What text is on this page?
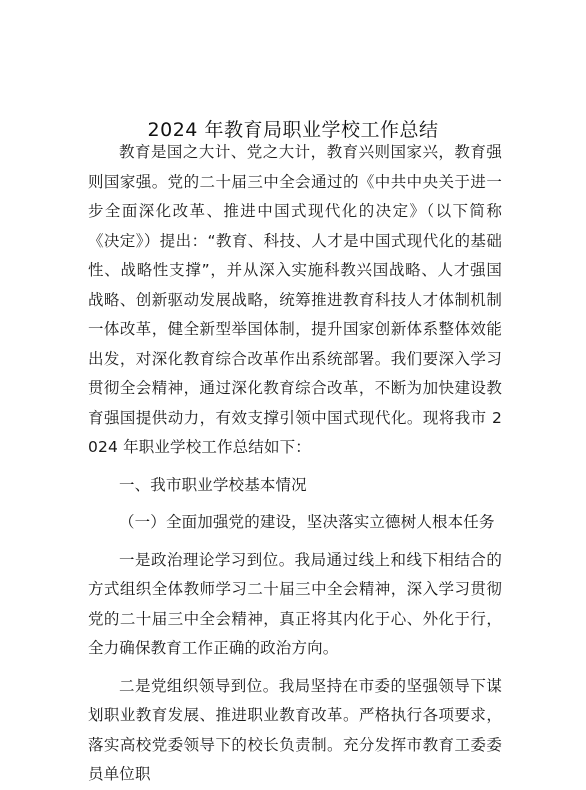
2024 年教育局职业学校工作总结

教育是国之大计、党之大计，教育兴则国家兴，教育强则国家强。党的二十届三中全会通过的《中共中央关于进一步全面深化改革、推进中国式现代化的决定》（以下简称《决定》）提出：“教育、科技、人才是中国式现代化的基础性、战略性支撑”，并从深入实施科教兴国战略、人才强国战略、创新驱动发展战略，统筹推进教育科技人才体制机制一体改革，健全新型举国体制，提升国家创新体系整体效能出发，对深化教育综合改革作出系统部署。我们要深入学习贯彻全会精神，通过深化教育综合改革，不断为加快建设教育强国提供动力，有效支撑引领中国式现代化。现将我市 2024 年职业学校工作总结如下：

一、我市职业学校基本情况

（一）全面加强党的建设，坚决落实立德树人根本任务

一是政治理论学习到位。我局通过线上和线下相结合的方式组织全体教师学习二十届三中全会精神，深入学习贯彻党的二十届三中全会精神，真正将其内化于心、外化于行，全力确保教育工作正确的政治方向。

二是党组织领导到位。我局坚持在市委的坚强领导下谋划职业教育发展、推进职业教育改革。严格执行各项要求，落实高校党委领导下的校长负责制。充分发挥市教育工委委员单位职
